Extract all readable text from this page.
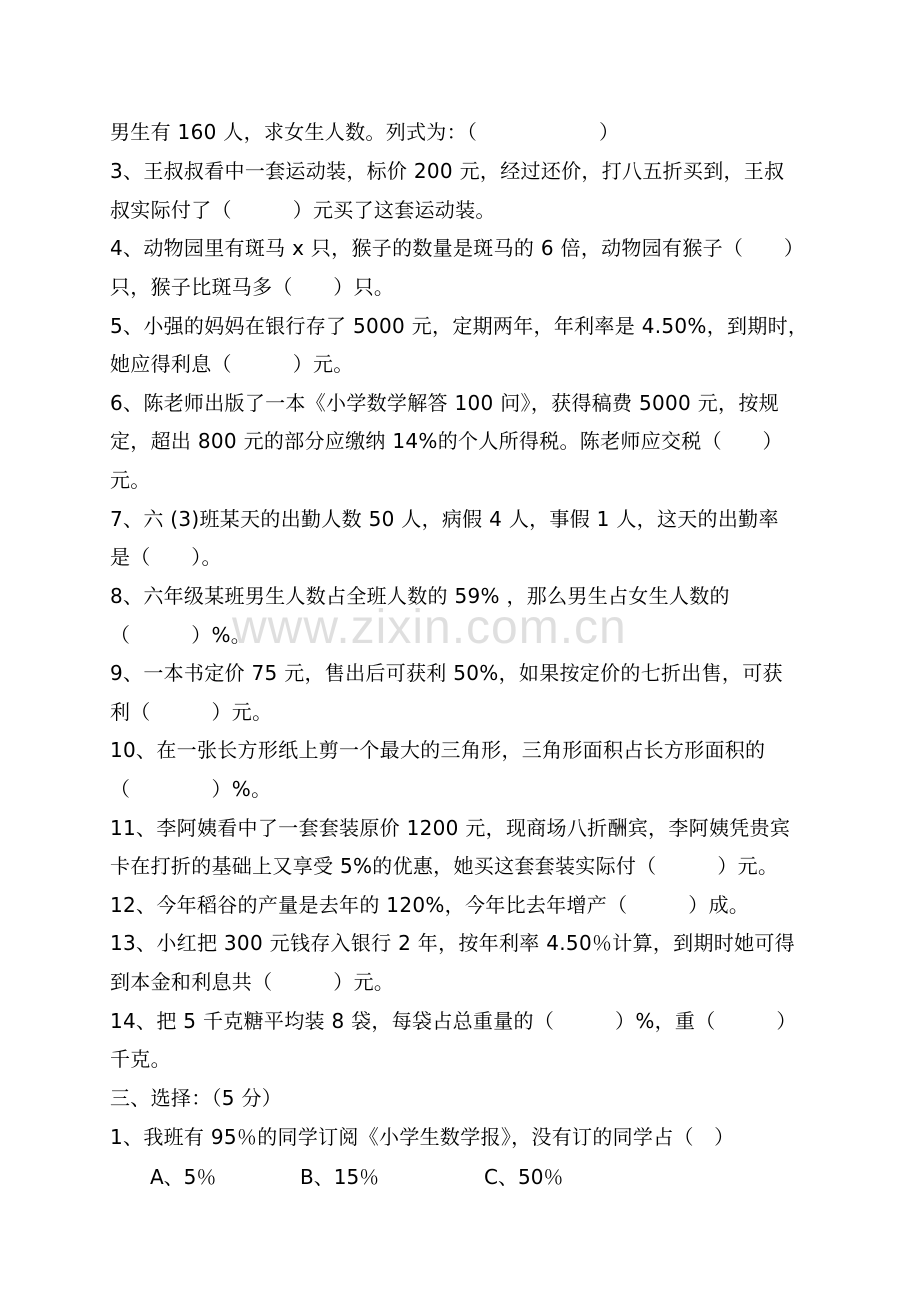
男生有 160 人，求女生人数。列式为：（　　　　　　）
3、王叔叔看中一套运动装，标价 200 元，经过还价，打八五折买到，王叔
叔实际付了（　　　）元买了这套运动装。
4、动物园里有斑马 x 只，猴子的数量是斑马的 6 倍，动物园有猴子（　　）
只，猴子比斑马多（　　）只。
5、小强的妈妈在银行存了 5000 元，定期两年，年利率是 4.50%，到期时，
她应得利息（　　　）元。
6、陈老师出版了一本《小学数学解答 100 问》，获得稿费 5000 元，按规
定，超出 800 元的部分应缴纳 14%的个人所得税。陈老师应交税（　　）
元。
7、六 (3)班某天的出勤人数 50 人，病假 4 人，事假 1 人，这天的出勤率
是（　　）。
8、六年级某班男生人数占全班人数的 59% ，那么男生占女生人数的
（　　　）%。
9、一本书定价 75 元，售出后可获利 50%，如果按定价的七折出售，可获
利（　　　）元。
10、在一张长方形纸上剪一个最大的三角形，三角形面积占长方形面积的
（　　　　）%。
11、李阿姨看中了一套套装原价 1200 元，现商场八折酬宾，李阿姨凭贵宾
卡在打折的基础上又享受 5%的优惠，她买这套套装实际付（　　　）元。
12、今年稻谷的产量是去年的 120%，今年比去年增产（　　　）成。
13、小红把 300 元钱存入银行 2 年，按年利率 4.50％计算，到期时她可得
到本金和利息共（　　　）元。
14、把 5 千克糖平均装 8 袋，每袋占总重量的（　　　）%，重（　　　）
千克。
三、选择：（5 分）
1、我班有 95％的同学订阅《小学生数学报》，没有订的同学占（　）
A、5％	B、15％	C、50％
www.zixin.com.cn
